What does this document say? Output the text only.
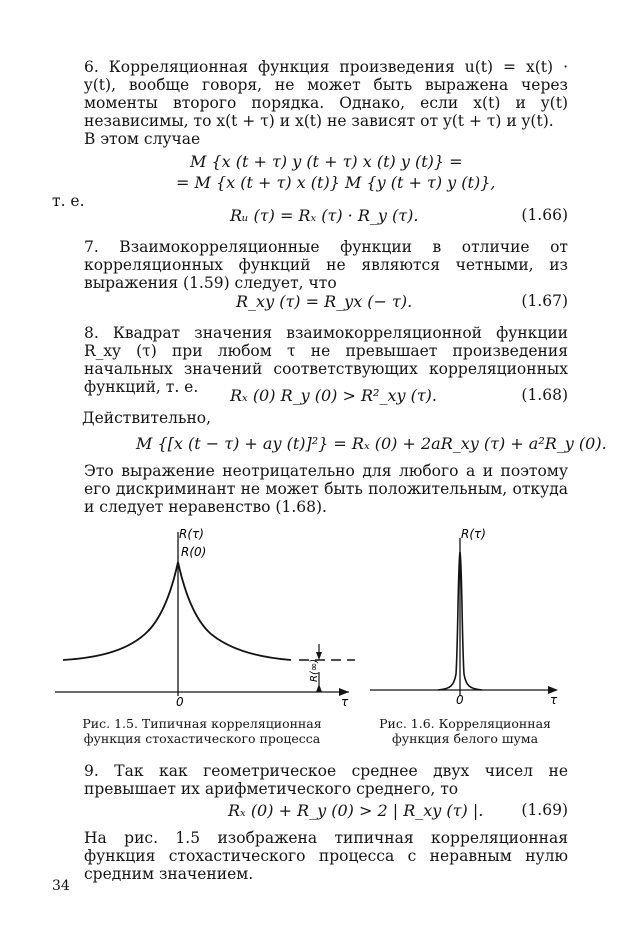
6. Корреляционная функция произведения u(t) = x(t) · y(t), вообще говоря, не может быть выражена через моменты второго порядка. Однако, если x(t) и y(t) независимы, то x(t + τ) и x(t) не зависят от y(t + τ) и y(t).
В этом случае
M {x (t + τ) y (t + τ) x (t) y (t)} =
= M {x (t + τ) x (t)} M {y (t + τ) y (t)},
т. е.
Rᵤ (τ) = Rₓ (τ) · R_y (τ).	(1.66)
7. Взаимокорреляционные функции в отличие от корреляционных функций не являются четными, из выражения (1.59) следует, что
R_xy (τ) = R_yx (− τ).	(1.67)
8. Квадрат значения взаимокорреляционной функции R_xy (τ) при любом τ не превышает произведения начальных значений соответствующих корреляционных функций, т. е.	Rₓ (0) R_y (0) > R²_xy (τ).	(1.68)
Действительно,
M {[x (t − τ) + ay (t)]²} = Rₓ (0) + 2aR_xy (τ) + a²R_y (0).
Это выражение неотрицательно для любого a и поэтому его дискриминант не может быть положительным, откуда и следует неравенство (1.68).
R(τ)
R(0)
R(∞)
0	τ
R(τ)
0	τ
Рис. 1.5. Типичная корреляционная функция стохастического процесса
Рис. 1.6. Корреляционная функция белого шума
9. Так как геометрическое среднее двух чисел не превышает их арифметического среднего, то
Rₓ (0) + R_y (0) > 2 | R_xy (τ) |. (1.69)
На рис. 1.5 изображена типичная корреляционная функция стохастического процесса с неравным нулю средним значением.
34
